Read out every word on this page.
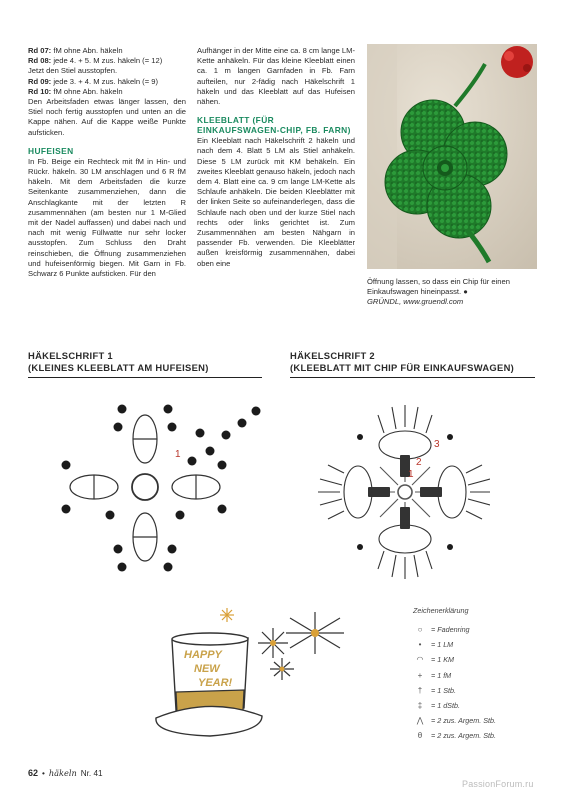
Rd 07: fM ohne Abn. häkeln
Rd 08: jede 4. + 5. M zus. häkeln (= 12)
Jetzt den Stiel ausstopfen.
Rd 09: jede 3. + 4. M zus. häkeln (= 9)
Rd 10: fM ohne Abn. häkeln

Den Arbeitsfaden etwas länger lassen, den Stiel noch fertig ausstopfen und unten an die Kappe nähen. Auf die Kappe weiße Punkte aufsticken.

HUFEISEN

In Fb. Beige ein Rechteck mit fM in Hin- und Rückr. häkeln. 30 LM anschlagen und 6 R fM häkeln. Mit dem Arbeitsfaden die kurze Seitenkante zusammenziehen, dann die Anschlagkante mit der letzten R zusammennähen (am besten nur 1 M-Glied mit der Nadel auffassen) und dabei nach und nach mit wenig Füllwatte nur sehr locker ausstopfen. Zum Schluss den Draht reinschieben, die Öffnung zusammenziehen und hufeisenförmig biegen. Mit Garn in Fb. Schwarz 6 Punkte aufsticken. Für den

Aufhänger in der Mitte eine ca. 8 cm lange LM-Kette anhäkeln. Für das kleine Kleeblatt einen ca. 1 m langen Garnfaden in Fb. Farn aufteilen, nur 2-fädig nach Häkelschrift 1 häkeln und das Kleeblatt auf das Hufeisen nähen.

KLEEBLATT (FÜR EINKAUFSWAGEN-CHIP, FB. FARN)

Ein Kleeblatt nach Häkelschrift 2 häkeln und nach dem 4. Blatt 5 LM als Stiel anhäkeln. Diese 5 LM zurück mit KM behäkeln. Ein zweites Kleeblatt genauso häkeln, jedoch nach dem 4. Blatt eine ca. 9 cm lange LM-Kette als Schlaufe anhäkeln. Die beiden Kleeblätter mit der linken Seite so aufeinanderlegen, dass die Schlaufe nach oben und der kurze Stiel nach rechts oder links gerichtet ist. Zum Zusammennähen am besten Nähgarn in passender Fb. verwenden. Die Kleeblätter außen kreisförmig zusammennähen, dabei oben eine

Öffnung lassen, so dass ein Chip für einen Einkaufswagen hineinpasst. ●
GRÜNDL, www.gruendl.com
HÄKELSCHRIFT 1
(KLEINES KLEEBLATT AM HUFEISEN)
HÄKELSCHRIFT 2
(KLEEBLATT MIT CHIP FÜR EINKAUFSWAGEN)
1
1
2
3
HAPPY
NEW
YEAR!
Zeichenerklärung
○	= Fadenring
•	= 1 LM
◠	= 1 KM
+	= 1 fM
†	= 1 Stb.
‡	= 1 dStb.
⋀	= 2 zus. Argem. Stb.
θ	= 2 zus. Argem. Stb.
62 • häkeln Nr. 41
PassionForum.ru
